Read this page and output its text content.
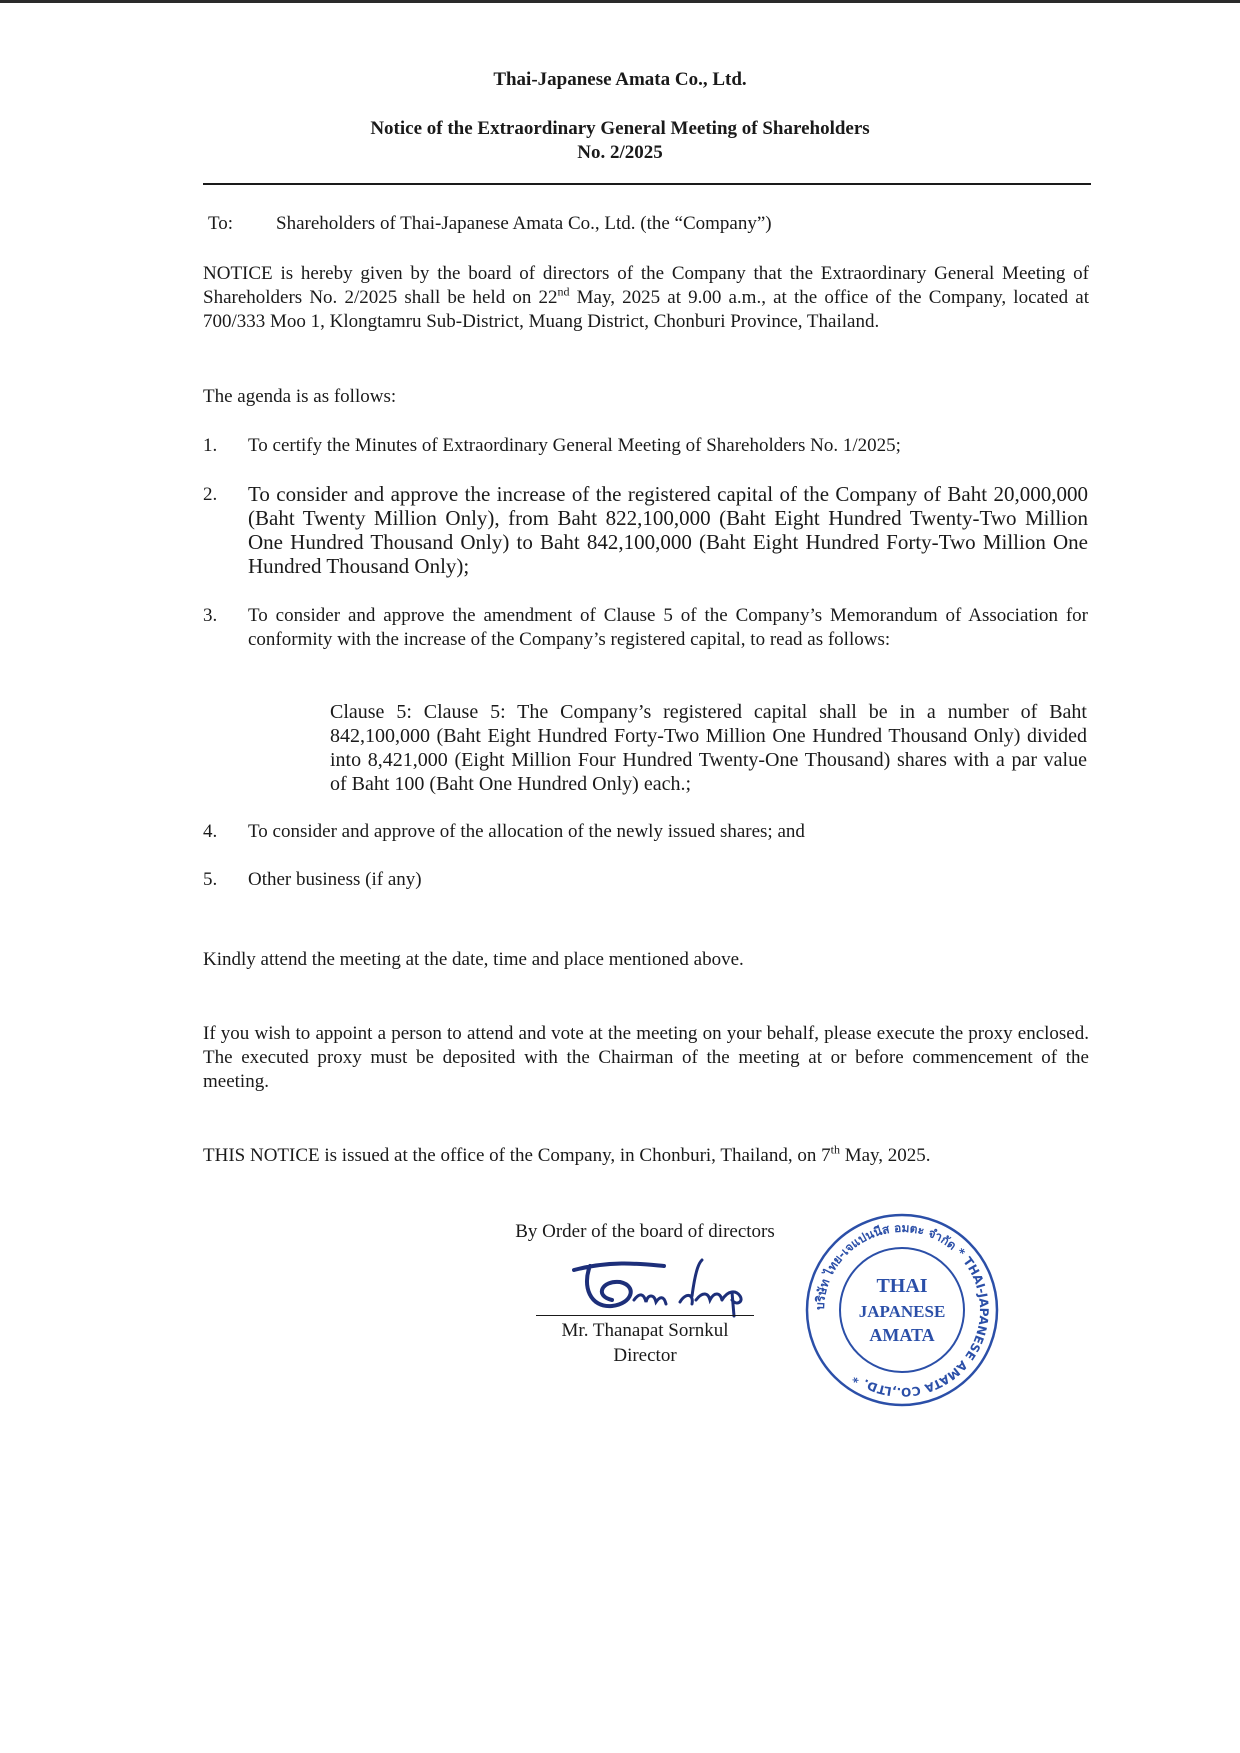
Thai-Japanese Amata Co., Ltd.
Notice of the Extraordinary General Meeting of Shareholders
No. 2/2025
To: Shareholders of Thai-Japanese Amata Co., Ltd. (the “Company”)
NOTICE is hereby given by the board of directors of the Company that the Extraordinary General Meeting of Shareholders No. 2/2025 shall be held on 22nd May, 2025 at 9.00 a.m., at the office of the Company, located at 700/333 Moo 1, Klongtamru Sub-District, Muang District, Chonburi Province, Thailand.
The agenda is as follows:
1. To certify the Minutes of Extraordinary General Meeting of Shareholders No. 1/2025;
2. To consider and approve the increase of the registered capital of the Company of Baht 20,000,000 (Baht Twenty Million Only), from Baht 822,100,000 (Baht Eight Hundred Twenty-Two Million One Hundred Thousand Only) to Baht 842,100,000 (Baht Eight Hundred Forty-Two Million One Hundred Thousand Only);
3. To consider and approve the amendment of Clause 5 of the Company’s Memorandum of Association for conformity with the increase of the Company’s registered capital, to read as follows:
Clause 5: Clause 5: The Company’s registered capital shall be in a number of Baht 842,100,000 (Baht Eight Hundred Forty-Two Million One Hundred Thousand Only) divided into 8,421,000 (Eight Million Four Hundred Twenty-One Thousand) shares with a par value of Baht 100 (Baht One Hundred Only) each.;
4. To consider and approve of the allocation of the newly issued shares; and
5. Other business (if any)
Kindly attend the meeting at the date, time and place mentioned above.
If you wish to appoint a person to attend and vote at the meeting on your behalf, please execute the proxy enclosed. The executed proxy must be deposited with the Chairman of the meeting at or before commencement of the meeting.
THIS NOTICE is issued at the office of the Company, in Chonburi, Thailand, on 7th May, 2025.
By Order of the board of directors
Mr. Thanapat Sornkul
Director
บริษัท ไทย-เจแปนนีส อมตะ จำกัด * THAI-JAPANESE AMATA CO.,LTD. *
THAI
JAPANESE
AMATA
